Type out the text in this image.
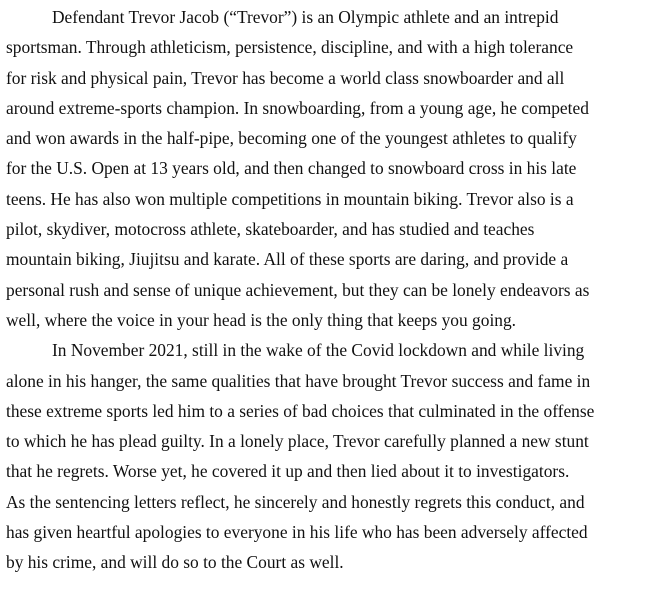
Defendant Trevor Jacob (“Trevor”) is an Olympic athlete and an intrepid
sportsman. Through athleticism, persistence, discipline, and with a high tolerance
for risk and physical pain, Trevor has become a world class snowboarder and all
around extreme-sports champion. In snowboarding, from a young age, he competed
and won awards in the half-pipe, becoming one of the youngest athletes to qualify
for the U.S. Open at 13 years old, and then changed to snowboard cross in his late
teens. He has also won multiple competitions in mountain biking. Trevor also is a
pilot, skydiver, motocross athlete, skateboarder, and has studied and teaches
mountain biking, Jiujitsu and karate. All of these sports are daring, and provide a
personal rush and sense of unique achievement, but they can be lonely endeavors as
well, where the voice in your head is the only thing that keeps you going.
In November 2021, still in the wake of the Covid lockdown and while living
alone in his hanger, the same qualities that have brought Trevor success and fame in
these extreme sports led him to a series of bad choices that culminated in the offense
to which he has plead guilty. In a lonely place, Trevor carefully planned a new stunt
that he regrets. Worse yet, he covered it up and then lied about it to investigators.
As the sentencing letters reflect, he sincerely and honestly regrets this conduct, and
has given heartful apologies to everyone in his life who has been adversely affected
by his crime, and will do so to the Court as well.
